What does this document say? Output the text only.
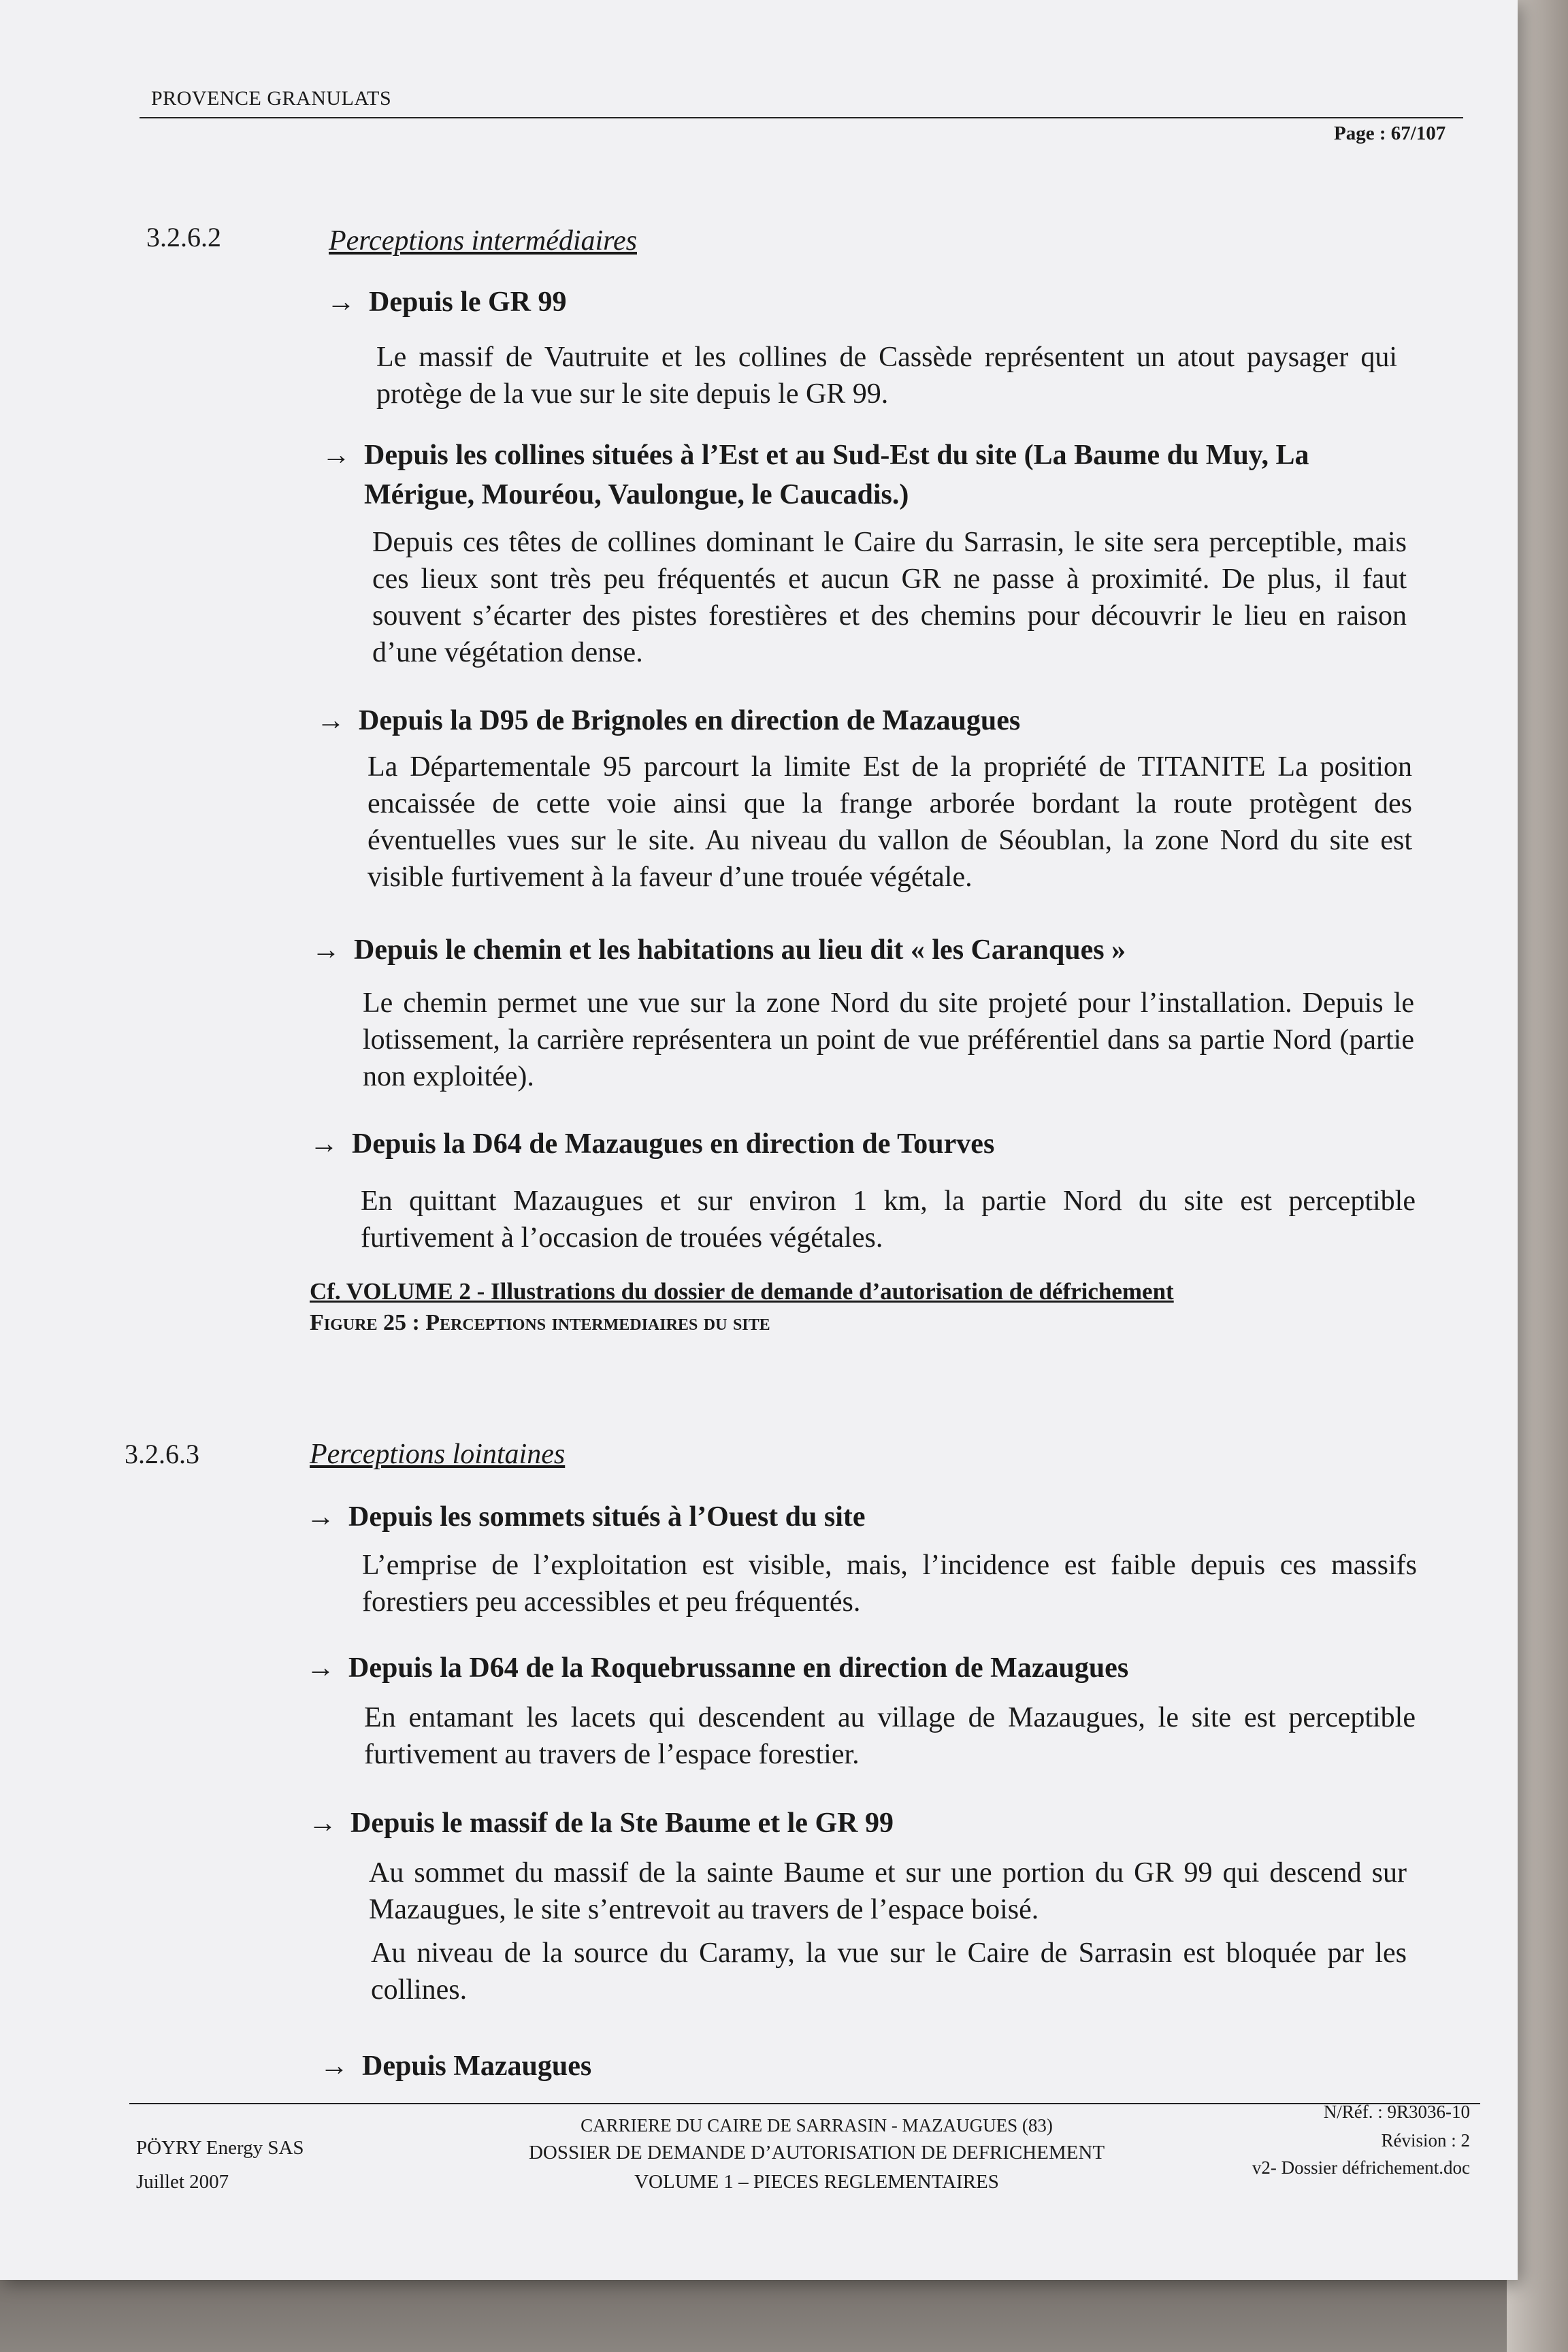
PROVENCE GRANULATS
Page : 67/107
3.2.6.2	Perceptions intermédiaires
→ Depuis le GR 99
Le massif de Vautruite et les collines de Cassède représentent un atout paysager qui protège de la vue sur le site depuis le GR 99.
→ Depuis les collines situées à l’Est et au Sud-Est du site (La Baume du Muy, La Mérigue, Mouréou, Vaulongue, le Caucadis.)
Depuis ces têtes de collines dominant le Caire du Sarrasin, le site sera perceptible, mais ces lieux sont très peu fréquentés et aucun GR ne passe à proximité. De plus, il faut souvent s’écarter des pistes forestières et des chemins pour découvrir le lieu en raison d’une végétation dense.
→ Depuis la D95 de Brignoles en direction de Mazaugues
La Départementale 95 parcourt la limite Est de la propriété de TITANITE La position encaissée de cette voie ainsi que la frange arborée bordant la route protègent des éventuelles vues sur le site. Au niveau du vallon de Séoublan, la zone Nord du site est visible furtivement à la faveur d’une trouée végétale.
→ Depuis le chemin et les habitations au lieu dit « les Caranques »
Le chemin permet une vue sur la zone Nord du site projeté pour l’installation. Depuis le lotissement, la carrière représentera un point de vue préférentiel dans sa partie Nord (partie non exploitée).
→ Depuis la D64 de Mazaugues en direction de Tourves
En quittant Mazaugues et sur environ 1 km, la partie Nord du site est perceptible furtivement à l’occasion de trouées végétales.
Cf. VOLUME 2 - Illustrations du dossier de demande d’autorisation de défrichement
Figure 25 : Perceptions intermediaires du site
3.2.6.3	Perceptions lointaines
→ Depuis les sommets situés à l’Ouest du site
L’emprise de l’exploitation est visible, mais, l’incidence est faible depuis ces massifs forestiers peu accessibles et peu fréquentés.
→ Depuis la D64 de la Roquebrussanne en direction de Mazaugues
En entamant les lacets qui descendent au village de Mazaugues, le site est perceptible furtivement au travers de l’espace forestier.
→ Depuis le massif de la Ste Baume et le GR 99
Au sommet du massif de la sainte Baume et sur une portion du GR 99 qui descend sur Mazaugues, le site s’entrevoit au travers de l’espace boisé.
Au niveau de la source du Caramy, la vue sur le Caire de Sarrasin est bloquée par les collines.
→ Depuis Mazaugues
PÖYRY Energy SAS
Juillet 2007
CARRIERE DU CAIRE DE SARRASIN - MAZAUGUES (83)
DOSSIER DE DEMANDE D’AUTORISATION DE DEFRICHEMENT
VOLUME 1 – PIECES REGLEMENTAIRES
N/Réf. : 9R3036-10
Révision : 2
v2- Dossier défrichement.doc
